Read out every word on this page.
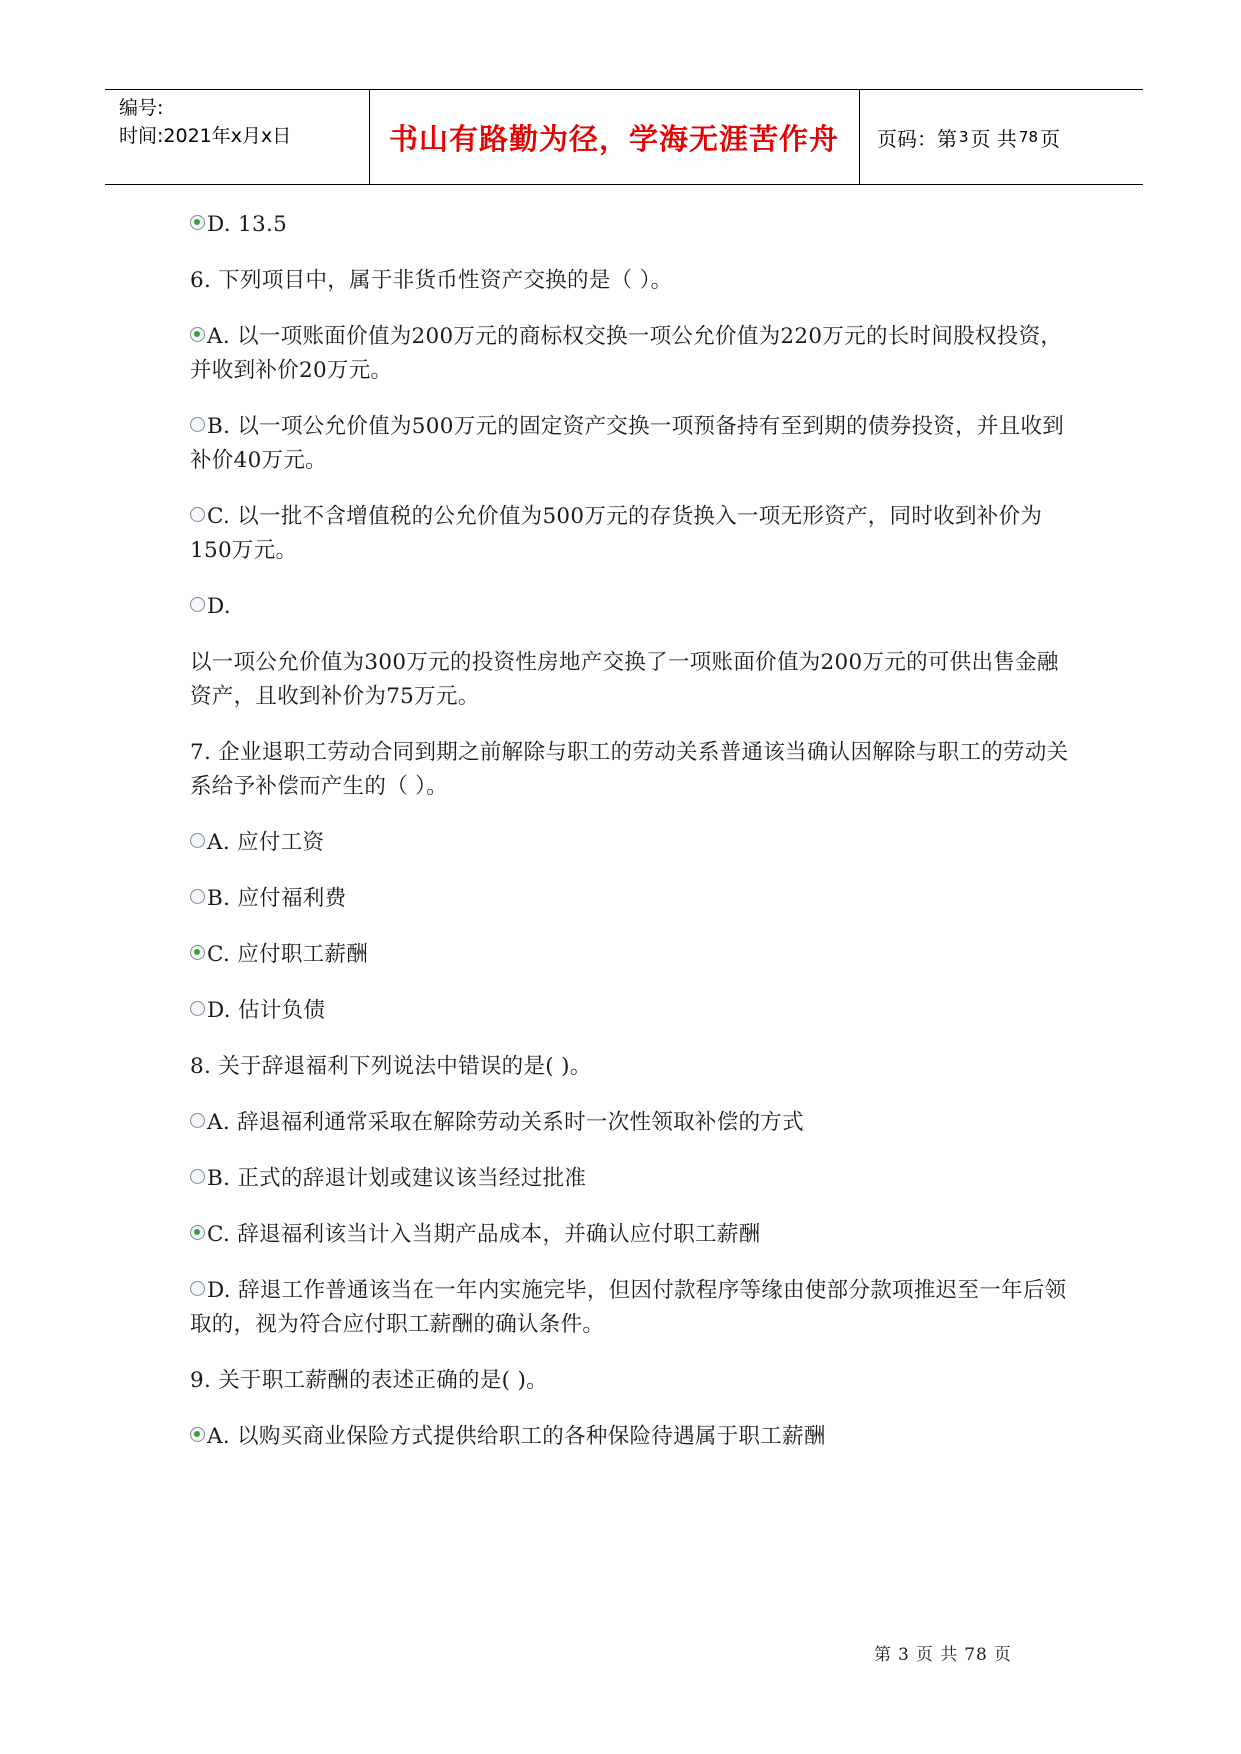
编号:
时间:2021年x月x日	书山有路勤为径，学海无涯苦作舟	页码：第 3 页 共 78 页

D. 13.5

6. 下列项目中，属于非货币性资产交换的是（ ）。

A. 以一项账面价值为200万元的商标权交换一项公允价值为220万元的长时间股权投资，并收到补价20万元。

B. 以一项公允价值为500万元的固定资产交换一项预备持有至到期的债券投资，并且收到补价40万元。

C. 以一批不含增值税的公允价值为500万元的存货换入一项无形资产，同时收到补价为150万元。

D.

以一项公允价值为300万元的投资性房地产交换了一项账面价值为200万元的可供出售金融资产，且收到补价为75万元。

7. 企业退职工劳动合同到期之前解除与职工的劳动关系普通该当确认因解除与职工的劳动关系给予补偿而产生的（ ）。

A. 应付工资

B. 应付福利费

C. 应付职工薪酬

D. 估计负债

8. 关于辞退福利下列说法中错误的是( )。

A. 辞退福利通常采取在解除劳动关系时一次性领取补偿的方式

B. 正式的辞退计划或建议该当经过批准

C. 辞退福利该当计入当期产品成本，并确认应付职工薪酬

D. 辞退工作普通该当在一年内实施完毕，但因付款程序等缘由使部分款项推迟至一年后领取的，视为符合应付职工薪酬的确认条件。

9. 关于职工薪酬的表述正确的是( )。

A. 以购买商业保险方式提供给职工的各种保险待遇属于职工薪酬

第 3 页 共 78 页
